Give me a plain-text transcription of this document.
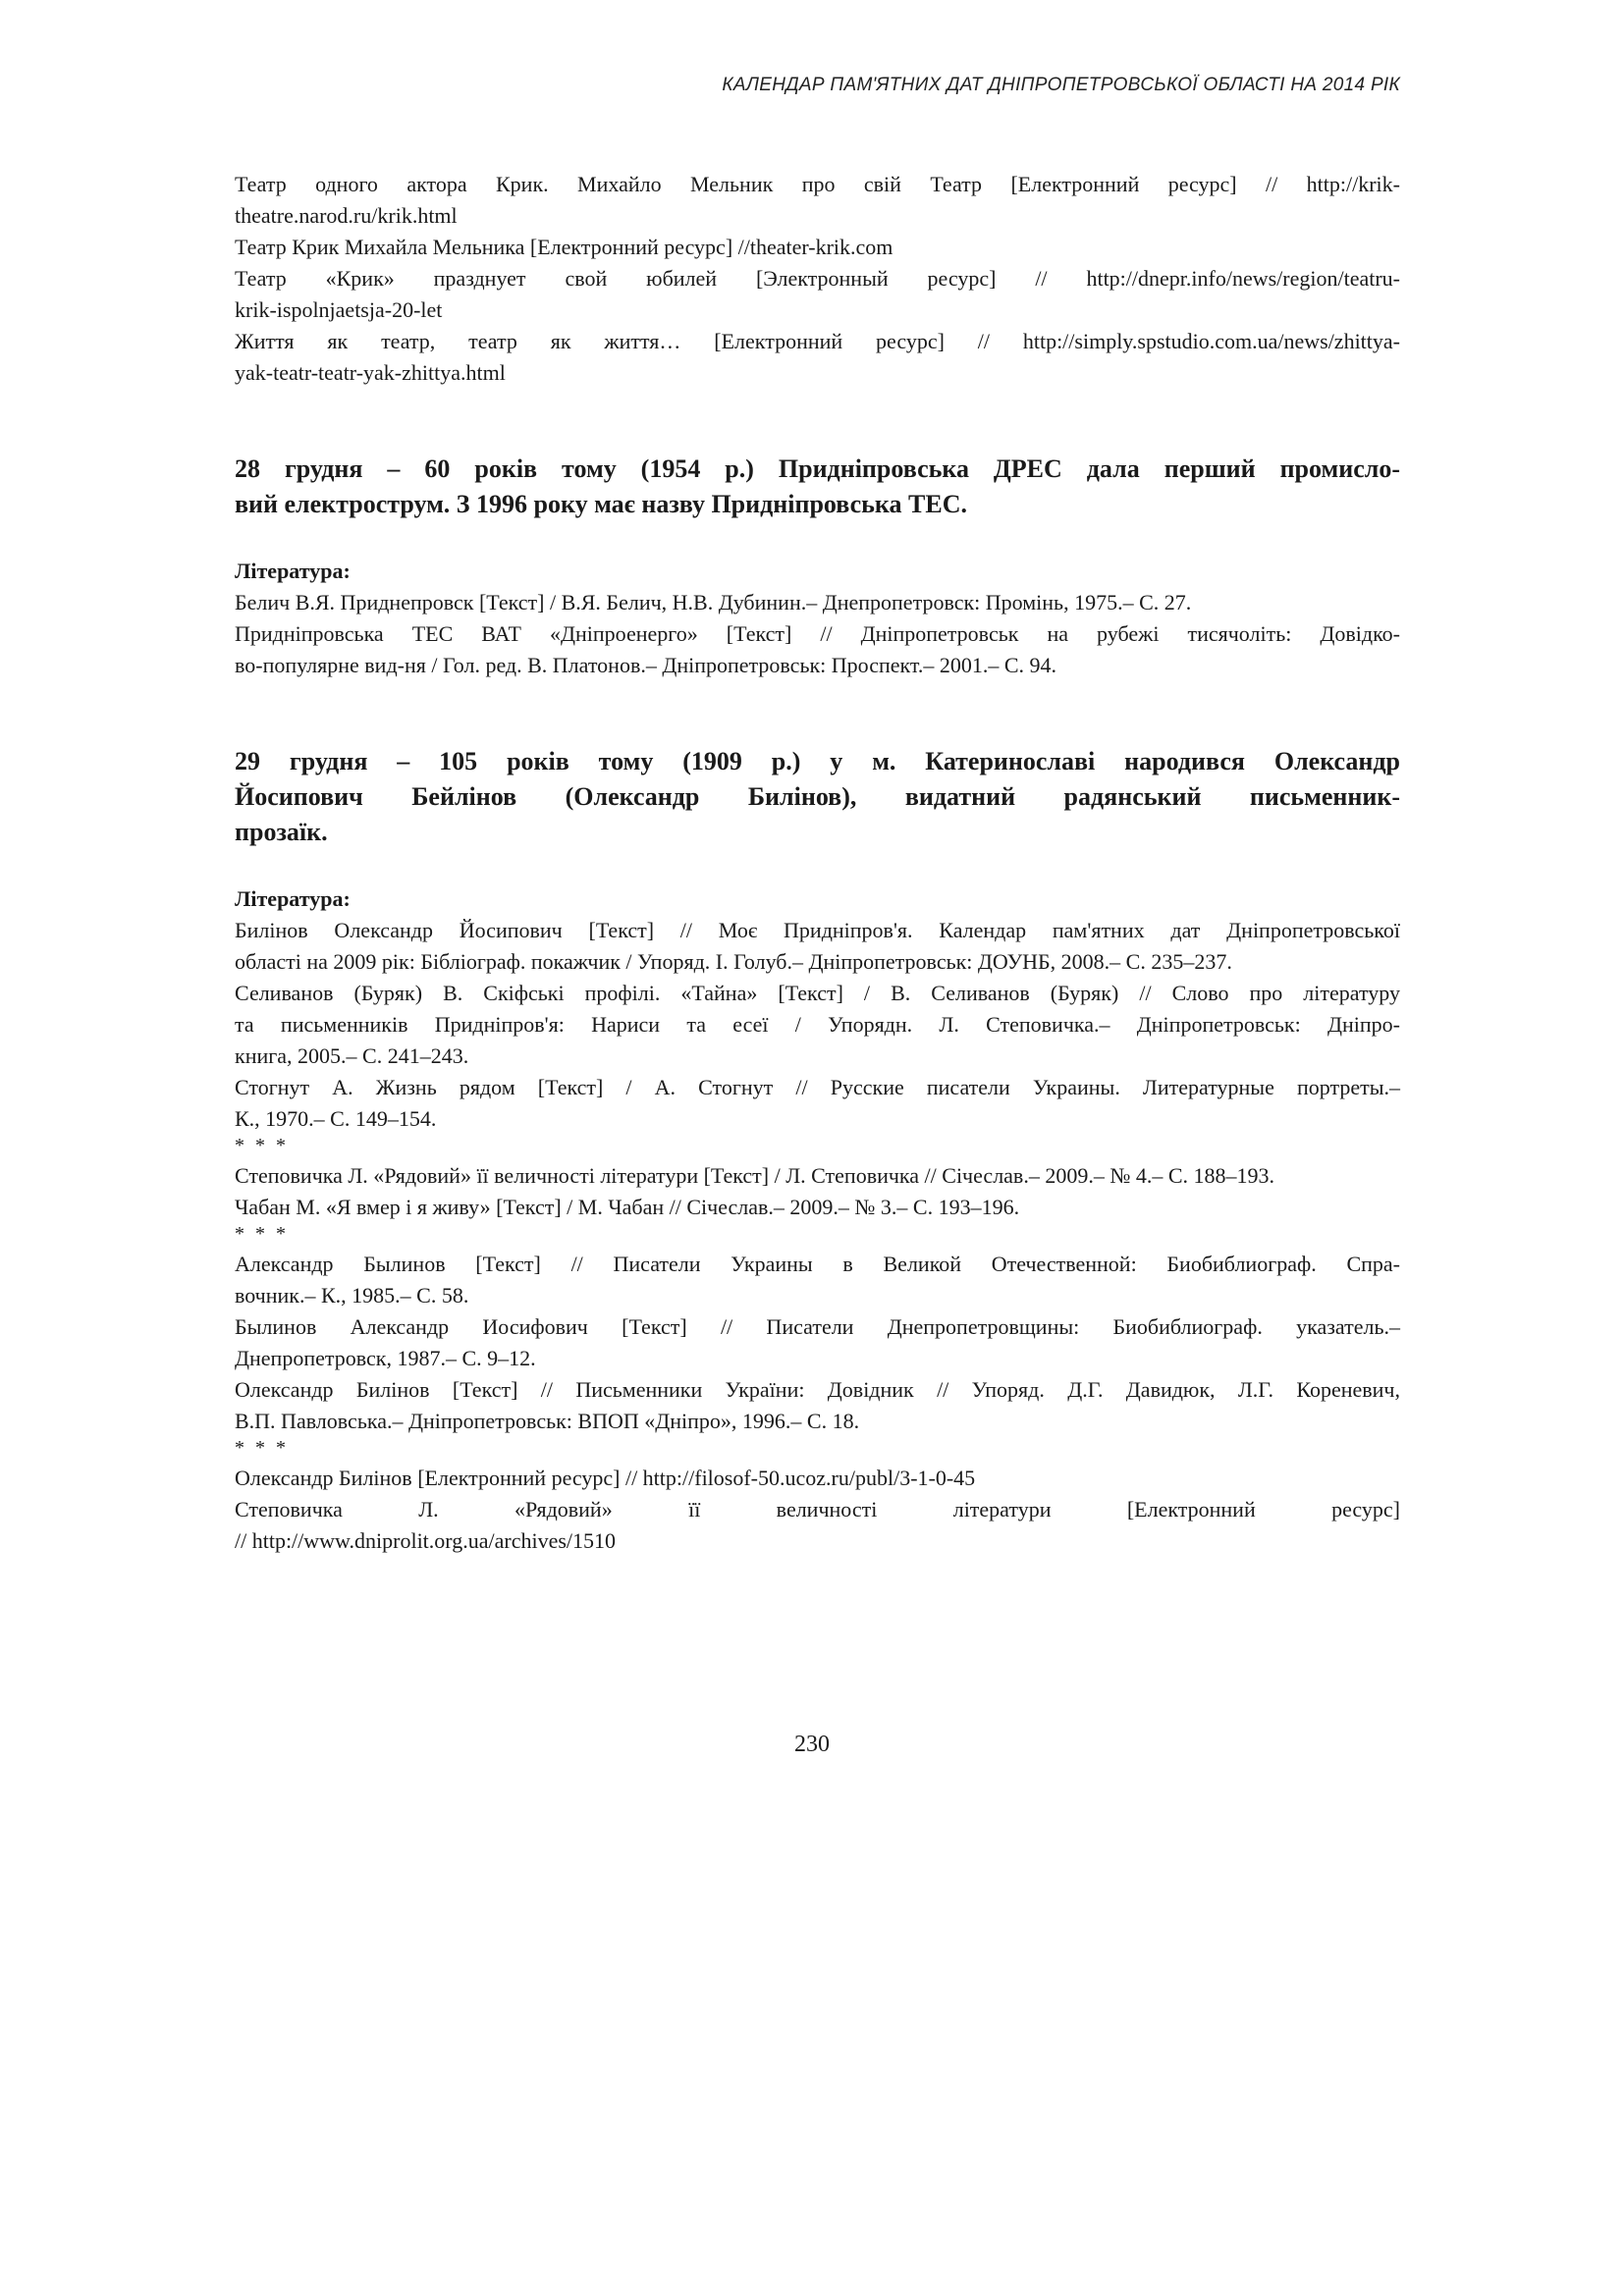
КАЛЕНДАР ПАМ'ЯТНИХ ДАТ ДНІПРОПЕТРОВСЬКОЇ ОБЛАСТІ НА 2014 РІК

Театр одного актора Крик. Михайло Мельник про свій Театр [Електронний ресурс] // http://krik-

theatre.narod.ru/krik.html

Театр Крик Михайла Мельника [Електронний ресурс] //theater-krik.com

Театр «Крик» празднует свой юбилей [Электронный ресурс] // http://dnepr.info/news/region/teatru-

krik-ispolnjaetsja-20-let

Життя як театр, театр як життя… [Електронний ресурс] // http://simply.spstudio.com.ua/news/zhittya-

yak-teatr-teatr-yak-zhittya.html

28 грудня – 60 років тому (1954 р.) Придніпровська ДРЕС дала перший промисло-

вий електрострум. З 1996 року має назву Придніпровська ТЕС.

Література:

Белич В.Я. Приднепровск [Текст] / В.Я. Белич, Н.В. Дубинин.– Днепропетровск: Промінь, 1975.– С. 27.

Придніпровська ТЕС ВАТ «Дніпроенерго» [Текст] // Дніпропетровськ на рубежі тисячоліть: Довідко-

во-популярне вид-ня / Гол. ред. В. Платонов.– Дніпропетровськ: Проспект.– 2001.– С. 94.

29 грудня – 105 років тому (1909 р.) у м. Катеринославі народився Олександр

Йосипович Бейлінов (Олександр Билінов), видатний радянський письменник-

прозаїк.

Література:

Билінов Олександр Йосипович [Текст] // Моє Придніпров'я. Календар пам'ятних дат Дніпропетровської

області на 2009 рік: Бібліограф. покажчик / Упоряд. І. Голуб.– Дніпропетровськ: ДОУНБ, 2008.– С. 235–237.

Селиванов (Буряк) В. Скіфські профілі. «Тайна» [Текст] / В. Селиванов (Буряк) // Слово про літературу

та письменників Придніпров'я: Нариси та есеї / Упорядн. Л. Степовичка.– Дніпропетровськ: Дніпро-

книга, 2005.– С. 241–243.

Стогнут А. Жизнь рядом [Текст] / А. Стогнут // Русские писатели Украины. Литературные портреты.–

К., 1970.– С. 149–154.

* * *

Степовичка Л. «Рядовий» її величності літератури [Текст] / Л. Степовичка // Січеслав.– 2009.– № 4.– С. 188–193.

Чабан М. «Я вмер і я живу» [Текст] / М. Чабан // Січеслав.– 2009.– № 3.– С. 193–196.

* * *

Александр Былинов [Текст] // Писатели Украины в Великой Отечественной: Биобиблиограф. Спра-

вочник.– К., 1985.– С. 58.

Былинов Александр Иосифович [Текст] // Писатели Днепропетровщины: Биобиблиограф. указатель.–

Днепропетровск, 1987.– С. 9–12.

Олександр Билінов [Текст] // Письменники України: Довідник // Упоряд. Д.Г. Давидюк, Л.Г. Кореневич,

В.П. Павловська.– Дніпропетровськ: ВПОП «Дніпро», 1996.– С. 18.

* * *

Олександр Билінов [Електронний ресурс] // http://filosof-50.ucoz.ru/publ/3-1-0-45

Степовичка Л. «Рядовий» її величності літератури [Електронний ресурс]

// http://www.dniprolit.org.ua/archives/1510

230
